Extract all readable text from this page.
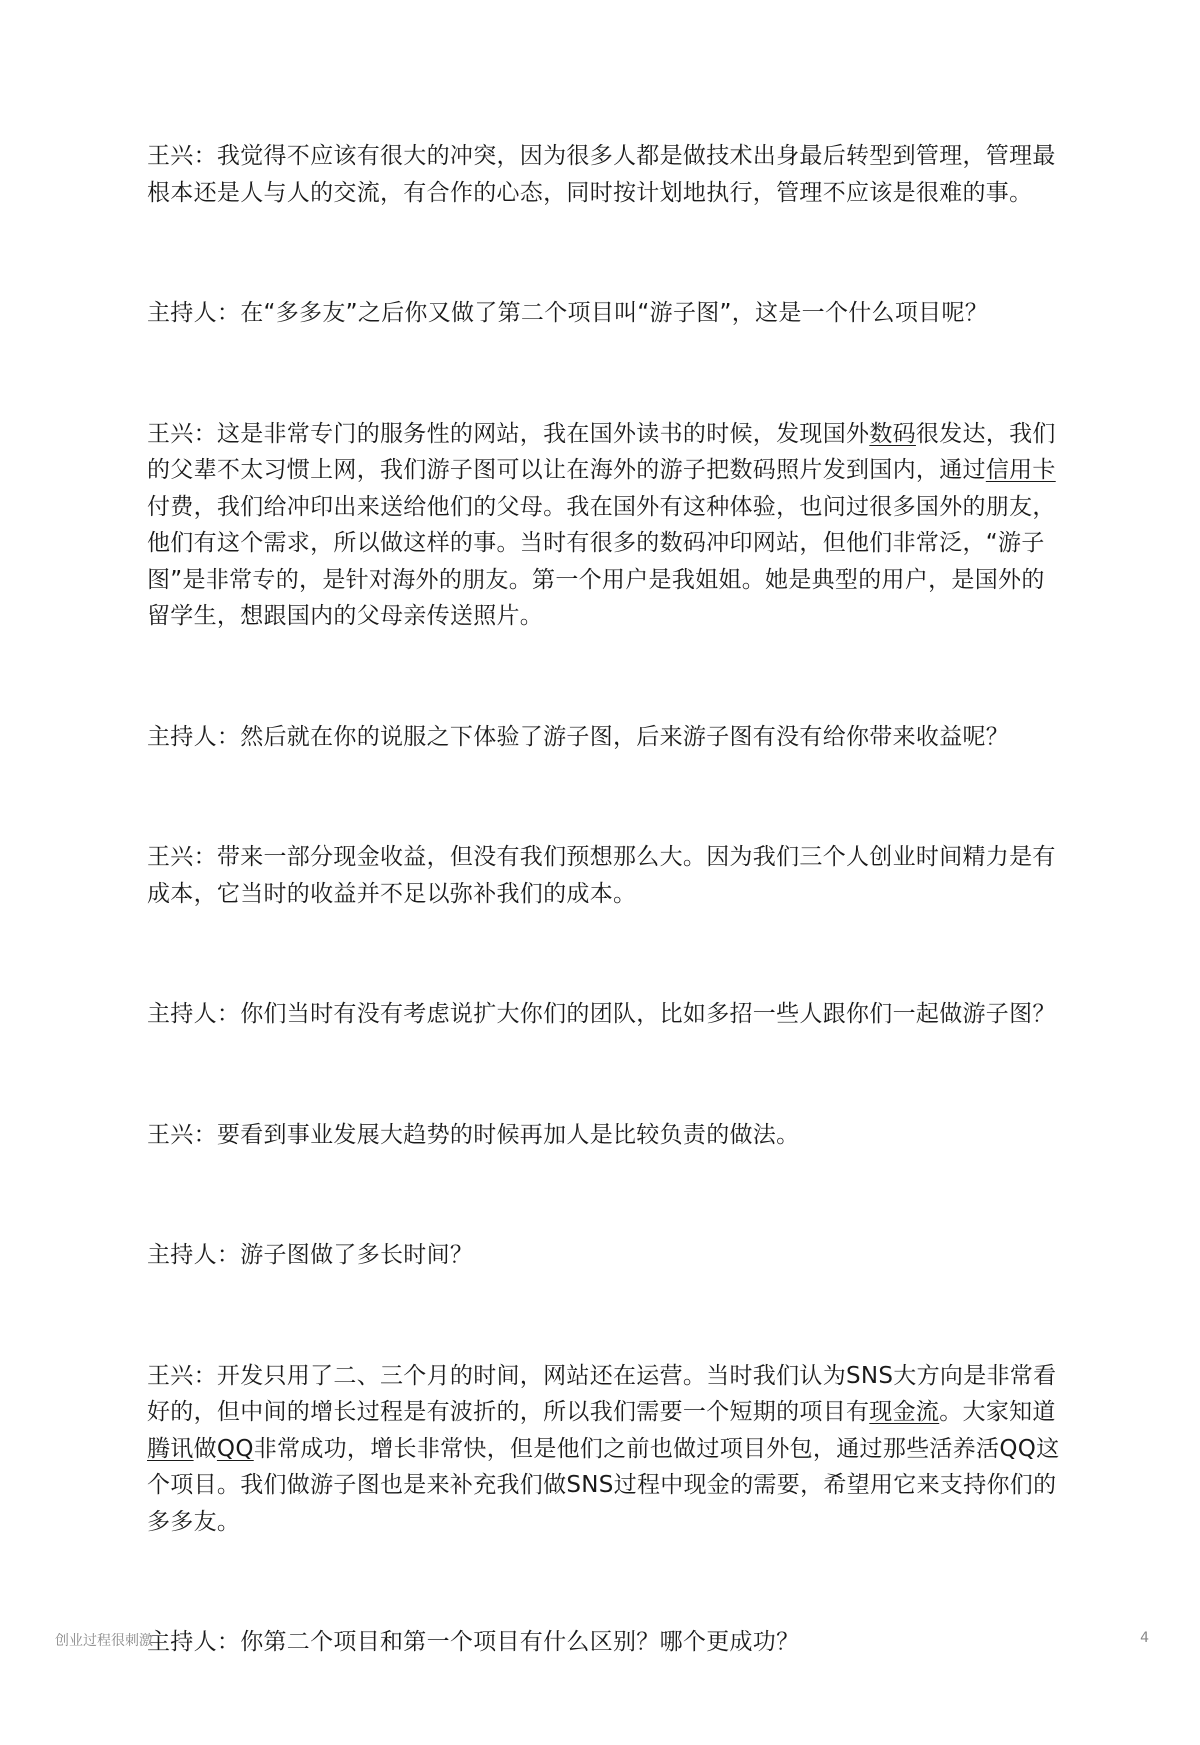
王兴：我觉得不应该有很大的冲突，因为很多人都是做技术出身最后转型到管理，管理最根本还是人与人的交流，有合作的心态，同时按计划地执行，管理不应该是很难的事。

主持人：在“多多友”之后你又做了第二个项目叫“游子图”，这是一个什么项目呢？

王兴：这是非常专门的服务性的网站，我在国外读书的时候，发现国外数码很发达，我们的父辈不太习惯上网，我们游子图可以让在海外的游子把数码照片发到国内，通过信用卡付费，我们给冲印出来送给他们的父母。我在国外有这种体验，也问过很多国外的朋友，他们有这个需求，所以做这样的事。当时有很多的数码冲印网站，但他们非常泛，“游子图”是非常专的，是针对海外的朋友。第一个用户是我姐姐。她是典型的用户，是国外的留学生，想跟国内的父母亲传送照片。

主持人：然后就在你的说服之下体验了游子图，后来游子图有没有给你带来收益呢？

王兴：带来一部分现金收益，但没有我们预想那么大。因为我们三个人创业时间精力是有成本，它当时的收益并不足以弥补我们的成本。

主持人：你们当时有没有考虑说扩大你们的团队，比如多招一些人跟你们一起做游子图？

王兴：要看到事业发展大趋势的时候再加人是比较负责的做法。

主持人：游子图做了多长时间？

王兴：开发只用了二、三个月的时间，网站还在运营。当时我们认为SNS大方向是非常看好的，但中间的增长过程是有波折的，所以我们需要一个短期的项目有现金流。大家知道腾讯做QQ非常成功，增长非常快，但是他们之前也做过项目外包，通过那些活养活QQ这个项目。我们做游子图也是来补充我们做SNS过程中现金的需要，希望用它来支持你们的多多友。

主持人：你第二个项目和第一个项目有什么区别？哪个更成功？

创业过程很刺激	4
